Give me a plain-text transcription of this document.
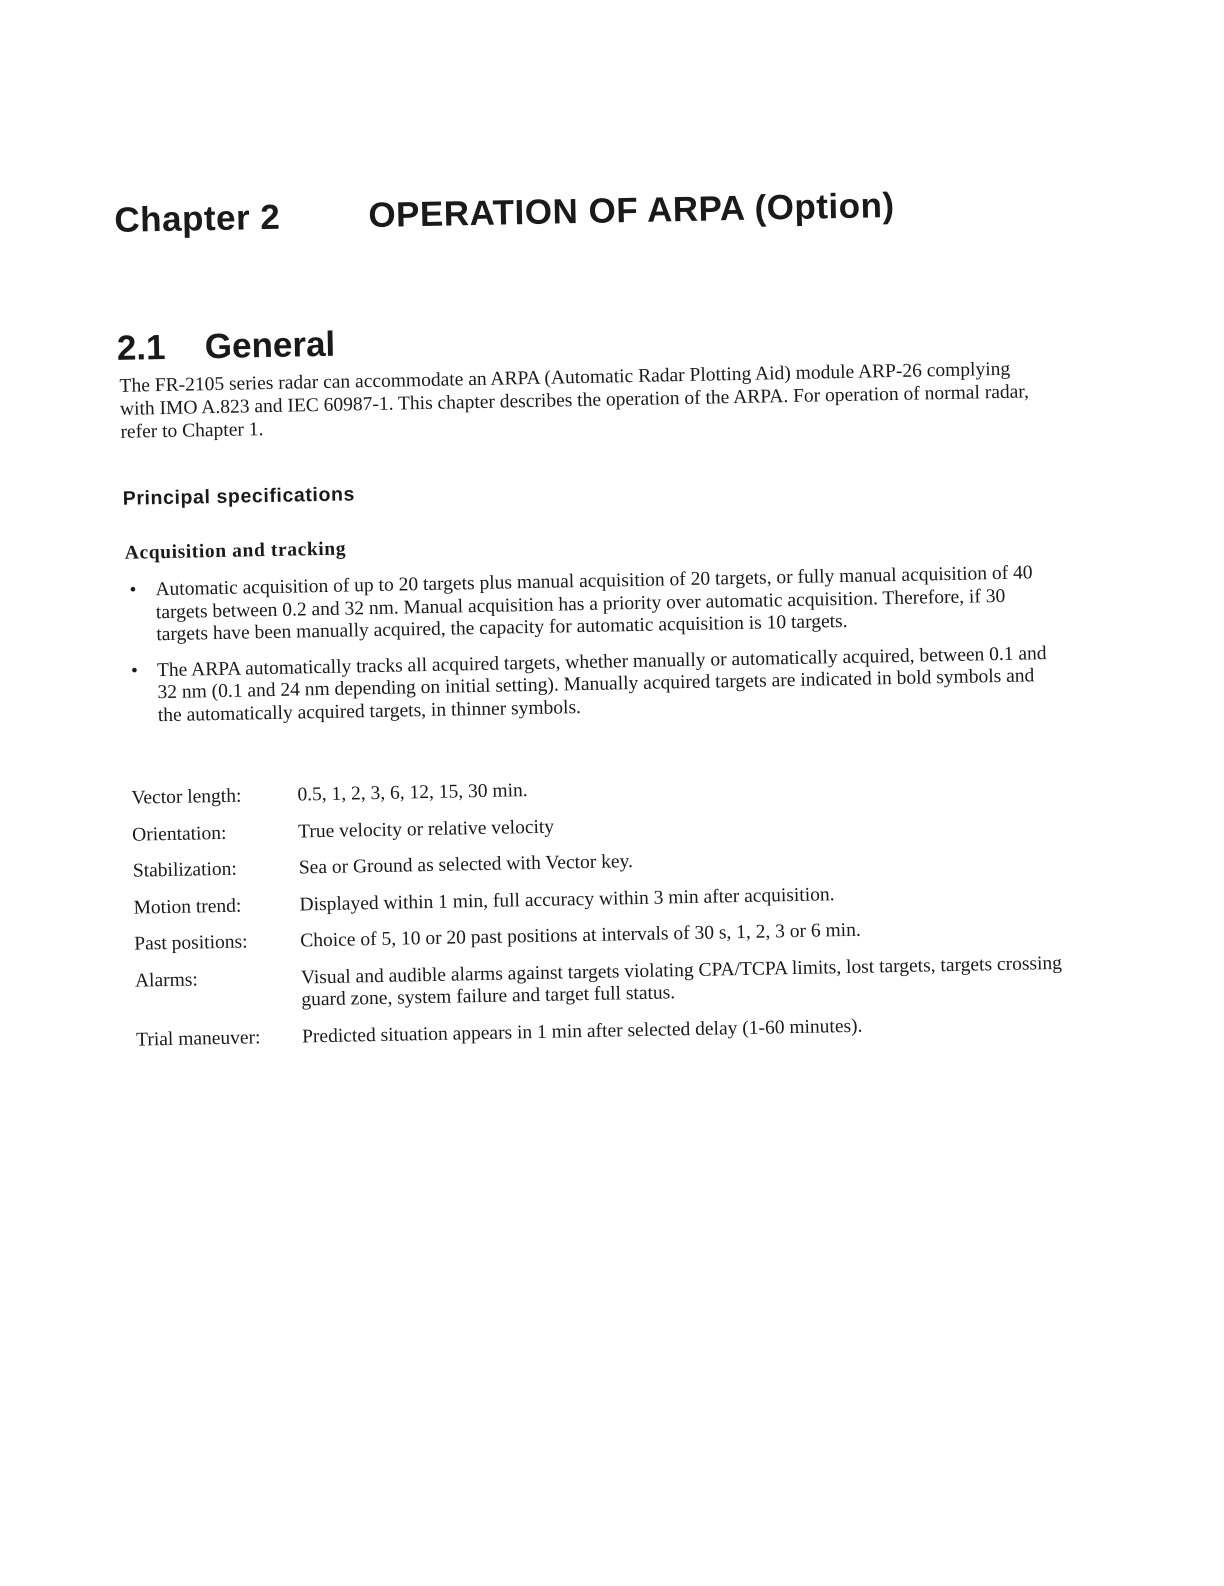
Chapter 2 OPERATION OF ARPA (Option)
2.1 General

The FR-2105 series radar can accommodate an ARPA (Automatic Radar Plotting Aid) module ARP-26 complying with IMO A.823 and IEC 60987-1. This chapter describes the operation of the ARPA. For operation of normal radar, refer to Chapter 1.

Principal specifications
Acquisition and tracking
• Automatic acquisition of up to 20 targets plus manual acquisition of 20 targets, or fully manual acquisition of 40 targets between 0.2 and 32 nm. Manual acquisition has a priority over automatic acquisition. Therefore, if 30 targets have been manually acquired, the capacity for automatic acquisition is 10 targets.
• The ARPA automatically tracks all acquired targets, whether manually or automatically acquired, between 0.1 and 32 nm (0.1 and 24 nm depending on initial setting). Manually acquired targets are indicated in bold symbols and the automatically acquired targets, in thinner symbols.
Vector length:	0.5, 1, 2, 3, 6, 12, 15, 30 min.
Orientation:	True velocity or relative velocity
Stabilization:	Sea or Ground as selected with Vector key.
Motion trend:	Displayed within 1 min, full accuracy within 3 min after acquisition.
Past positions:	Choice of 5, 10 or 20 past positions at intervals of 30 s, 1, 2, 3 or 6 min.
Alarms:	Visual and audible alarms against targets violating CPA/TCPA limits, lost targets, targets crossing guard zone, system failure and target full status.
Trial maneuver:	Predicted situation appears in 1 min after selected delay (1-60 minutes).
